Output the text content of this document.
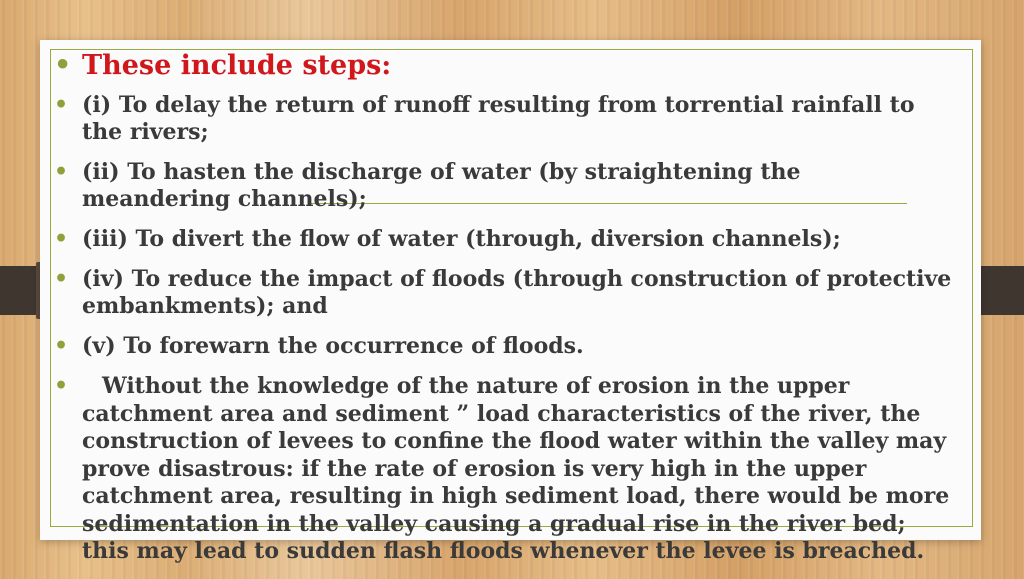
• These include steps:
• (i) To delay the return of runoff resulting from torrential rainfall to the rivers;
• (ii) To hasten the discharge of water (by straightening the meandering channels);
• (iii) To divert the flow of water (through, diversion channels);
• (iv) To reduce the impact of floods (through construction of protective embankments); and
• (v) To forewarn the occurrence of floods.
• Without the knowledge of the nature of erosion in the upper catchment area and sediment ” load characteristics of the river, the construction of levees to confine the flood water within the valley may prove disastrous: if the rate of erosion is very high in the upper catchment area, resulting in high sediment load, there would be more sedimentation in the valley causing a gradual rise in the river bed; this may lead to sudden flash floods whenever the levee is breached.
